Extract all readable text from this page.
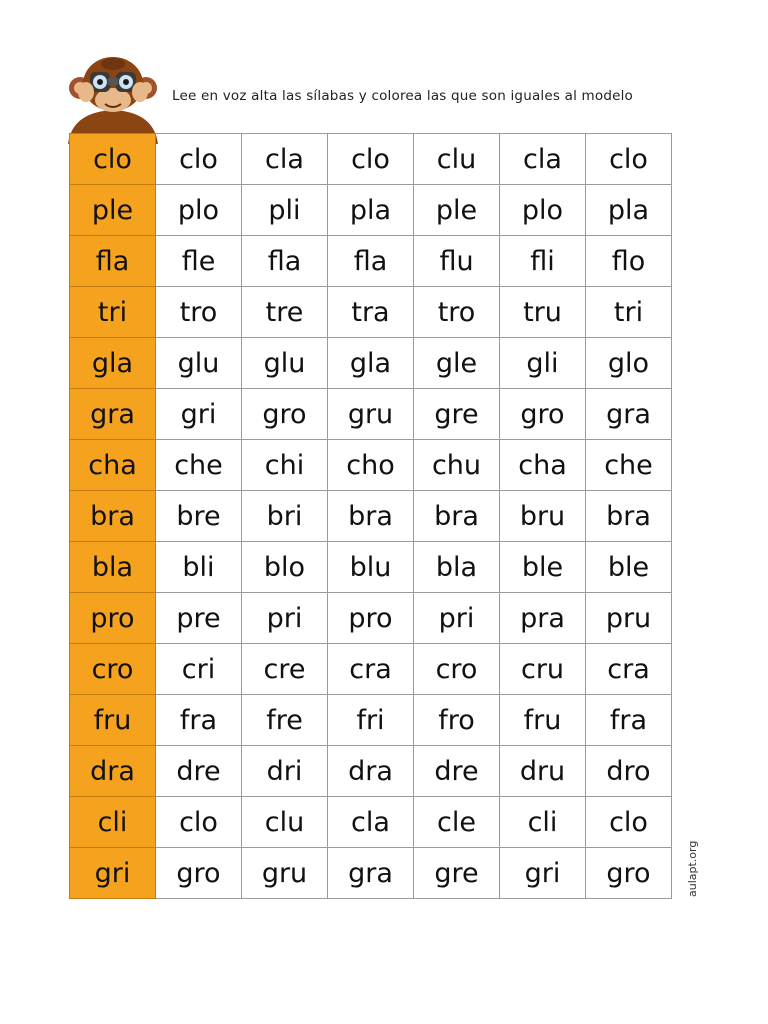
Lee en voz alta las sílabas y colorea las que son iguales al modelo
clo	clo	cla	clo	clu	cla	clo
ple	plo	pli	pla	ple	plo	pla
fla	fle	fla	fla	flu	fli	flo
tri	tro	tre	tra	tro	tru	tri
gla	glu	glu	gla	gle	gli	glo
gra	gri	gro	gru	gre	gro	gra
cha	che	chi	cho	chu	cha	che
bra	bre	bri	bra	bra	bru	bra
bla	bli	blo	blu	bla	ble	ble
pro	pre	pri	pro	pri	pra	pru
cro	cri	cre	cra	cro	cru	cra
fru	fra	fre	fri	fro	fru	fra
dra	dre	dri	dra	dre	dru	dro
cli	clo	clu	cla	cle	cli	clo
gri	gro	gru	gra	gre	gri	gro	aulapt.org
